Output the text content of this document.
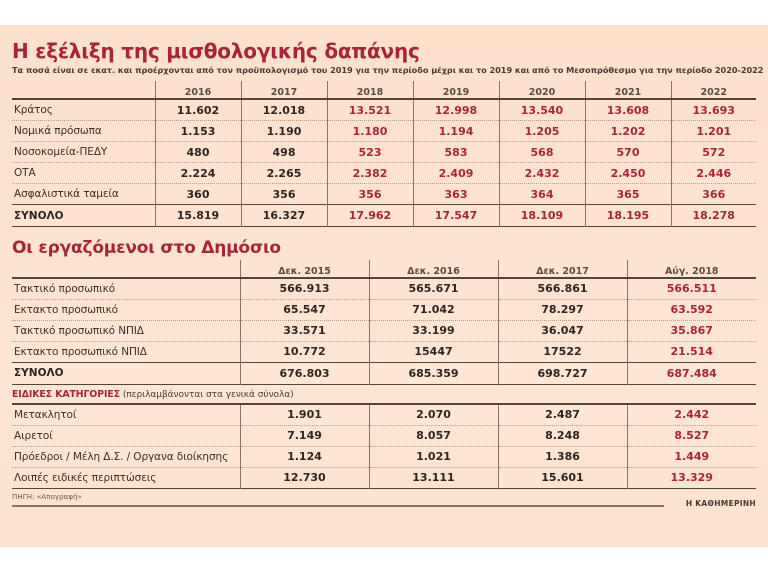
Η εξέλιξη της μισθολογικής δαπάνης
Τα ποσά είναι σε εκατ. και προέρχονται από τον προϋπολογισμό του 2019 για την περίοδο μέχρι και το 2019 και από το Μεσοπρόθεσμο για την περίοδο 2020-2022
	2016	2017	2018	2019	2020	2021	2022

Κράτος	11.602	12.018	13.521	12.998	13.540	13.608	13.693
Νομικά πρόσωπα	1.153	1.190	1.180	1.194	1.205	1.202	1.201
Νοσοκομεία-ΠΕΔΥ	480	498	523	583	568	570	572
ΟΤΑ	2.224	2.265	2.382	2.409	2.432	2.450	2.446
Ασφαλιστικά ταμεία	360	356	356	363	364	365	366
ΣΥΝΟΛΟ	15.819	16.327	17.962	17.547	18.109	18.195	18.278

Οι εργαζόμενοι στο Δημόσιο
	Δεκ. 2015	Δεκ. 2016	Δεκ. 2017	Αύγ. 2018

Τακτικό προσωπικό	566.913	565.671	566.861	566.511
Εκτακτο προσωπικό	65.547	71.042	78.297	63.592
Τακτικό προσωπικό ΝΠΙΔ	33.571	33.199	36.047	35.867
Εκτακτο προσωπικό ΝΠΙΔ	10.772	15447	17522	21.514
ΣΥΝΟΛΟ	676.803	685.359	698.727	687.484

ΕΙΔΙΚΕΣ ΚΑΤΗΓΟΡΙΕΣ (περιλαμβάνονται στα γενικά σύνολα)

Μετακλητοί	1.901	2.070	2.487	2.442
Αιρετοί	7.149	8.057	8.248	8.527
Πρόεδροι / Μέλη Δ.Σ. / Οργανα διοίκησης	1.124	1.021	1.386	1.449
Λοιπές ειδικές περιπτώσεις	12.730	13.111	15.601	13.329

ΠΗΓΗ: «Απογραφή»
Η ΚΑΘΗΜΕΡΙΝΗ
